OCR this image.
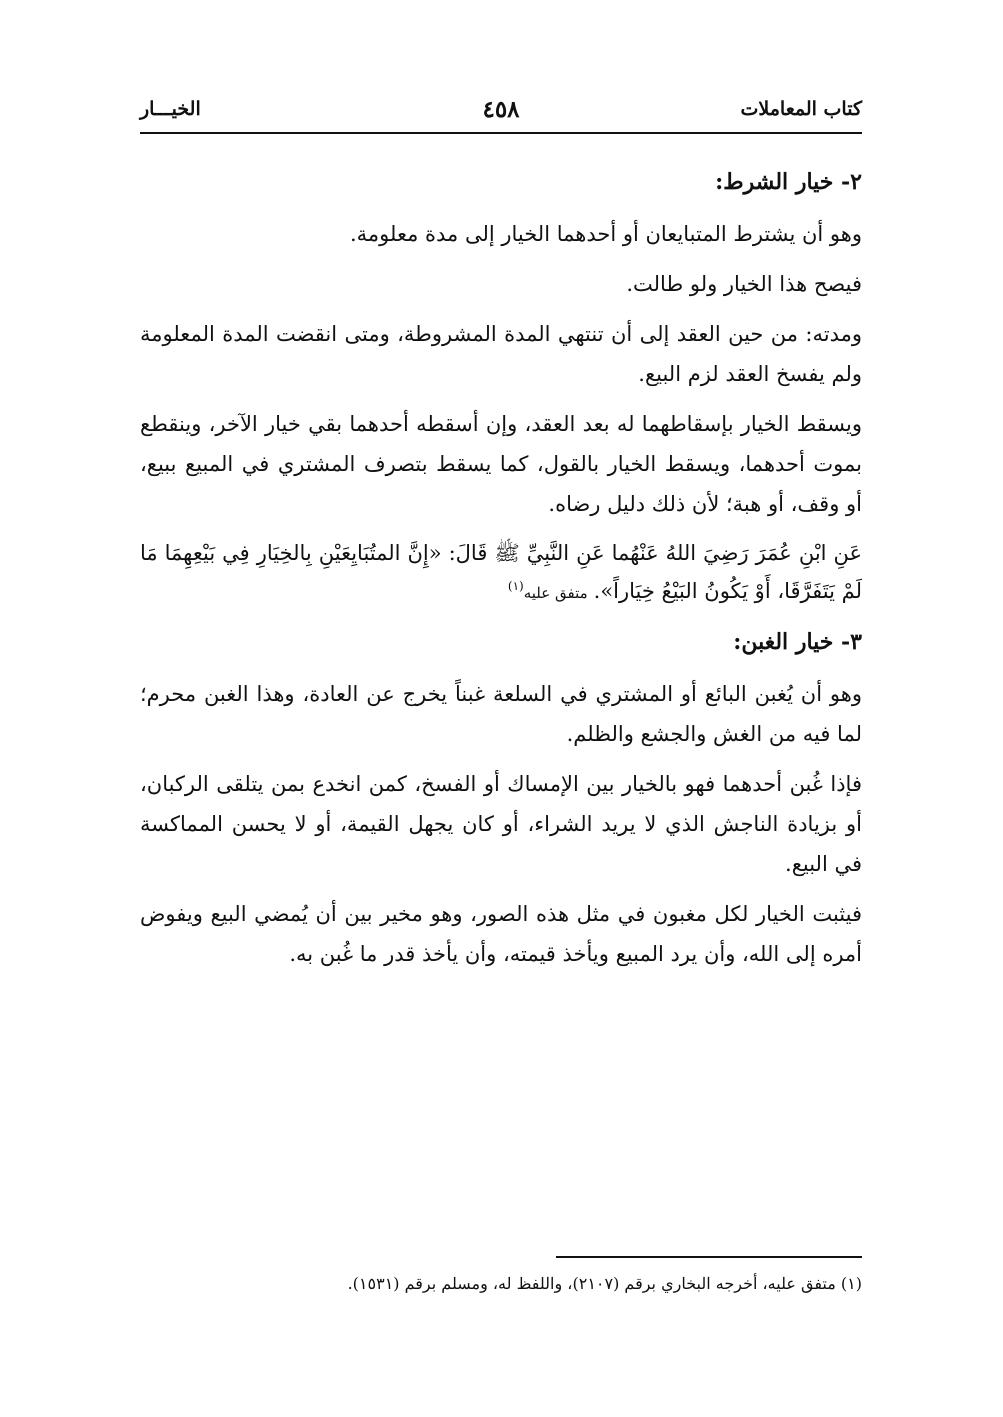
كتاب المعاملات
٤٥٨
الخيـــار
٢- خيار الشرط:

وهو أن يشترط المتبايعان أو أحدهما الخيار إلى مدة معلومة.

فيصح هذا الخيار ولو طالت.

ومدته: من حين العقد إلى أن تنتهي المدة المشروطة، ومتى انقضت المدة المعلومة ولم يفسخ العقد لزم البيع.

ويسقط الخيار بإسقاطهما له بعد العقد، وإن أسقطه أحدهما بقي خيار الآخر، وينقطع بموت أحدهما، ويسقط الخيار بالقول، كما يسقط بتصرف المشتري في المبيع ببيع، أو وقف، أو هبة؛ لأن ذلك دليل رضاه.

عَنِ ابْنِ عُمَرَ رَضِيَ اللهُ عَنْهُما عَنِ النَّبِيِّ ﷺ قَالَ: «إِنَّ المتُبَايِعَيْنِ بِالخِيَارِ فِي بَيْعِهِمَا مَا لَمْ يَتَفَرَّقَا، أَوْ يَكُونُ البَيْعُ خِيَاراً».متفق عليه$^{(١)}$

٣- خيار الغبن:

وهو أن يُغبن البائع أو المشتري في السلعة غبناً يخرج عن العادة، وهذا الغبن محرم؛ لما فيه من الغش والجشع والظلم.

فإذا غُبن أحدهما فهو بالخيار بين الإمساك أو الفسخ، كمن انخدع بمن يتلقى الركبان، أو بزيادة الناجش الذي لا يريد الشراء، أو كان يجهل القيمة، أو لا يحسن المماكسة في البيع.

فيثبت الخيار لكل مغبون في مثل هذه الصور، وهو مخير بين أن يُمضي البيع ويفوض أمره إلى الله، وأن يرد المبيع ويأخذ قيمته، وأن يأخذ قدر ما غُبن به.

(١) متفق عليه، أخرجه البخاري برقم (٢١٠٧)، واللفظ له، ومسلم برقم (١٥٣١).
